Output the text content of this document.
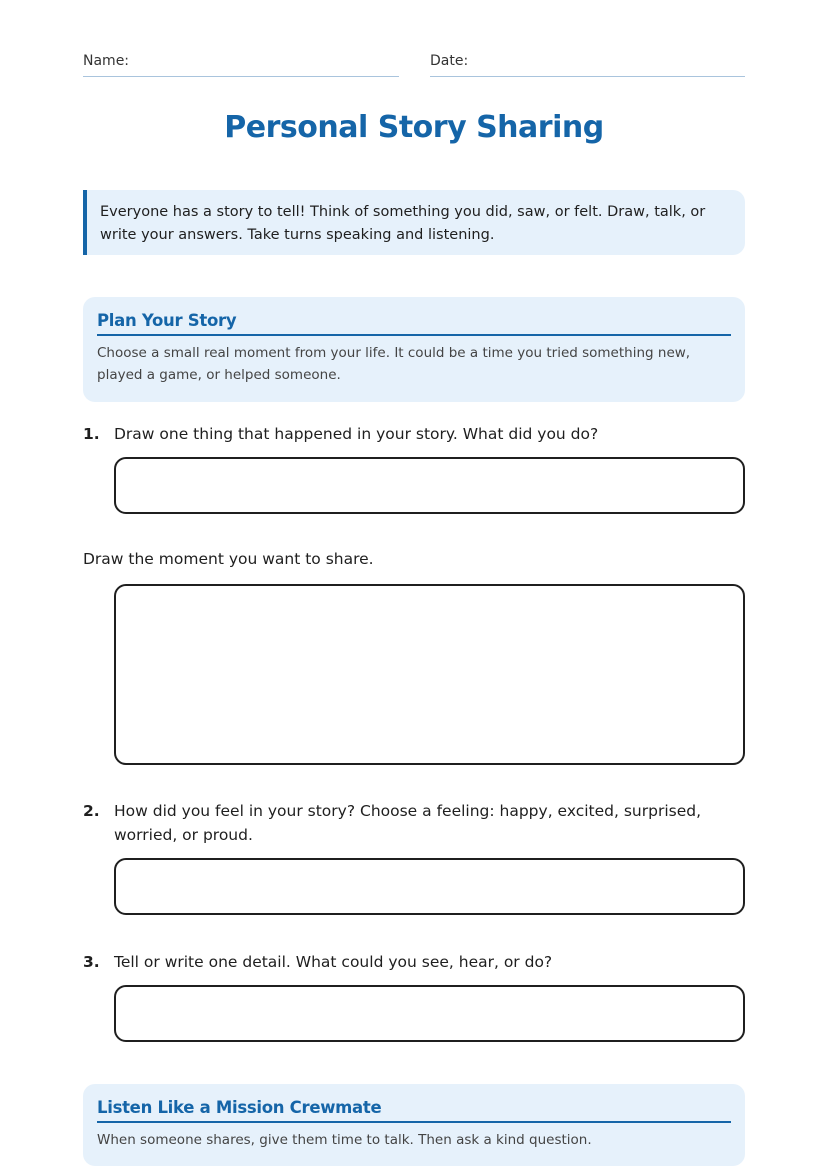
Name:	Date:
Personal Story Sharing
Everyone has a story to tell! Think of something you did, saw, or felt. Draw, talk, or write your answers. Take turns speaking and listening.
Plan Your Story
Choose a small real moment from your life. It could be a time you tried something new, played a game, or helped someone.
1. Draw one thing that happened in your story. What did you do?
Draw the moment you want to share.
2. How did you feel in your story? Choose a feeling: happy, excited, surprised, worried, or proud.
3. Tell or write one detail. What could you see, hear, or do?
Listen Like a Mission Crewmate
When someone shares, give them time to talk. Then ask a kind question.
